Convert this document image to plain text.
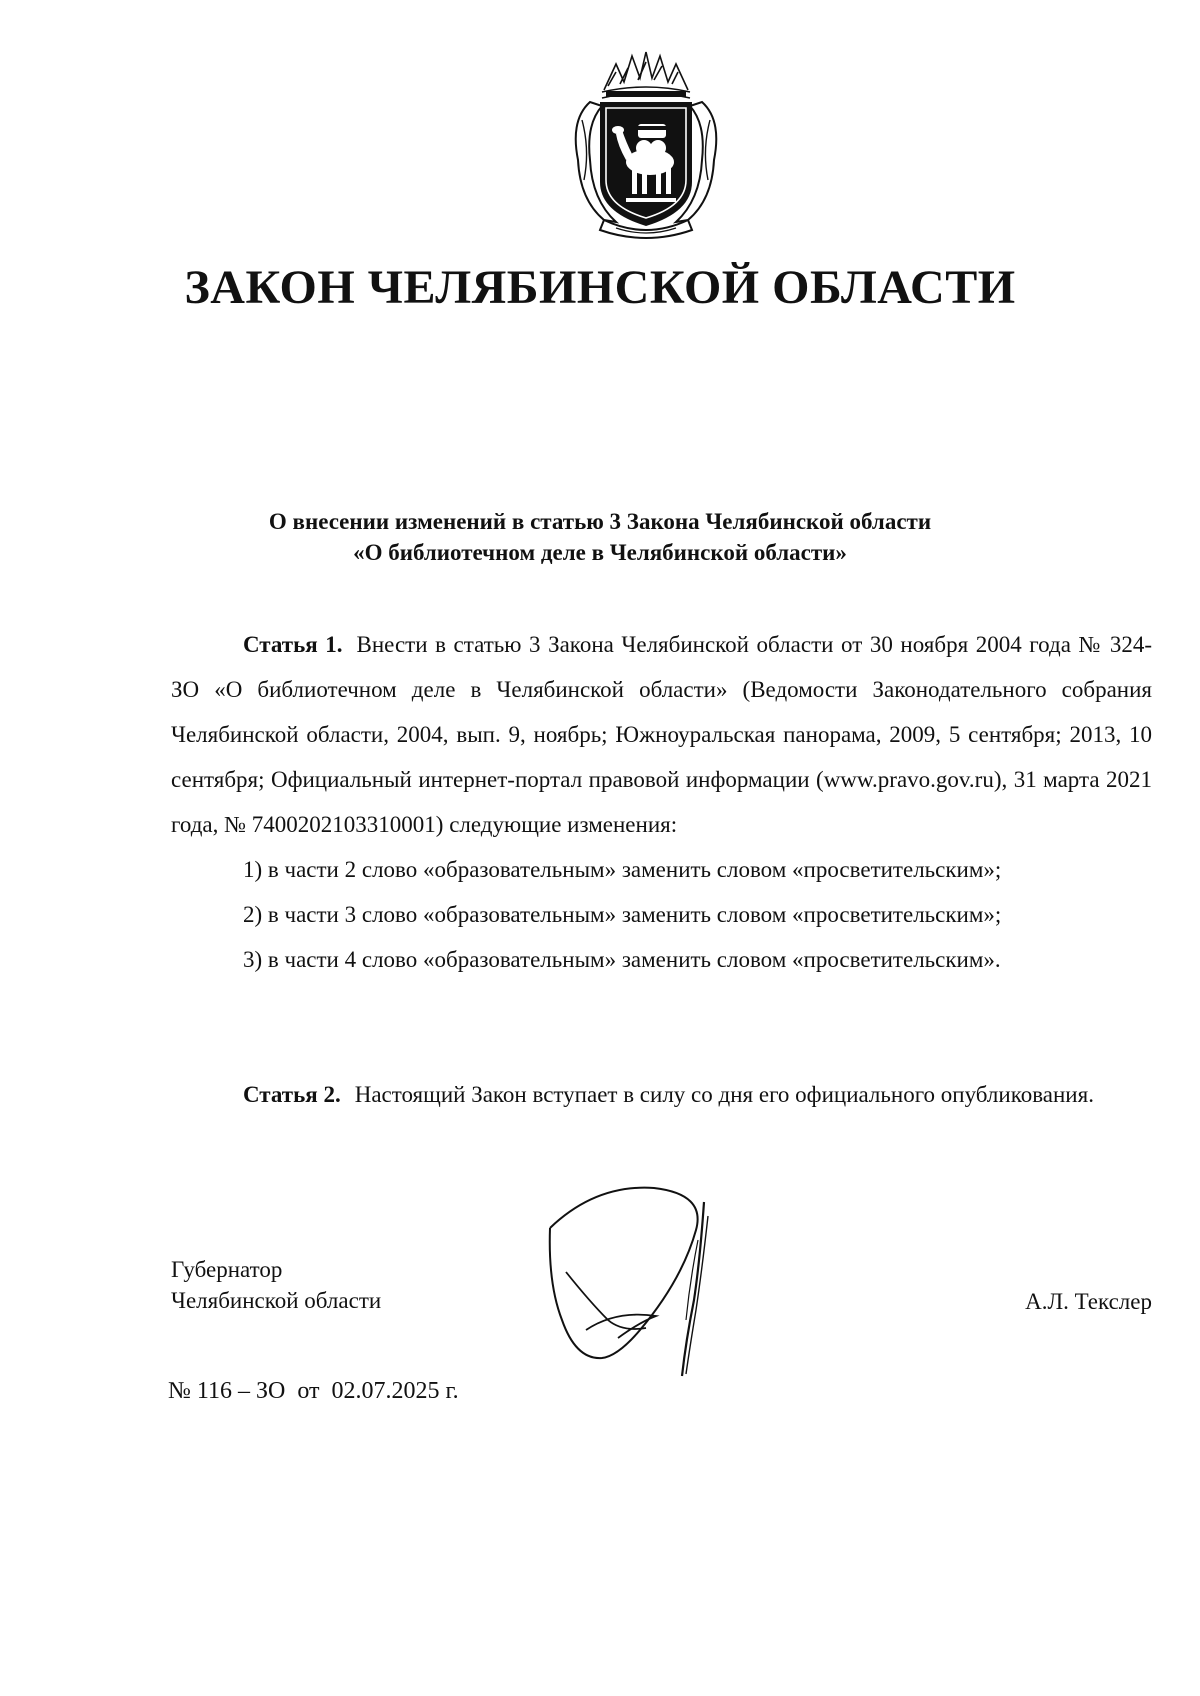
ЗАКОН ЧЕЛЯБИНСКОЙ ОБЛАСТИ
О внесении изменений в статью 3 Закона Челябинской области
«О библиотечном деле в Челябинской области»

Статья 1. Внести в статью 3 Закона Челябинской области от 30 ноября 2004 года № 324-ЗО «О библиотечном деле в Челябинской области» (Ведомости Законодательного собрания Челябинской области, 2004, вып. 9, ноябрь; Южноуральская панорама, 2009, 5 сентября; 2013, 10 сентября; Официальный интернет-портал правовой информации (www.pravo.gov.ru), 31 марта 2021 года, № 7400202103310001) следующие изменения:

1) в части 2 слово «образовательным» заменить словом «просветительским»;

2) в части 3 слово «образовательным» заменить словом «просветительским»;

3) в части 4 слово «образовательным» заменить словом «просветительским».

Статья 2. Настоящий Закон вступает в силу со дня его официального опубликования.

Губернатор
Челябинской области	А.Л. Текслер
№ 116 – ЗО  от  02.07.2025 г.
